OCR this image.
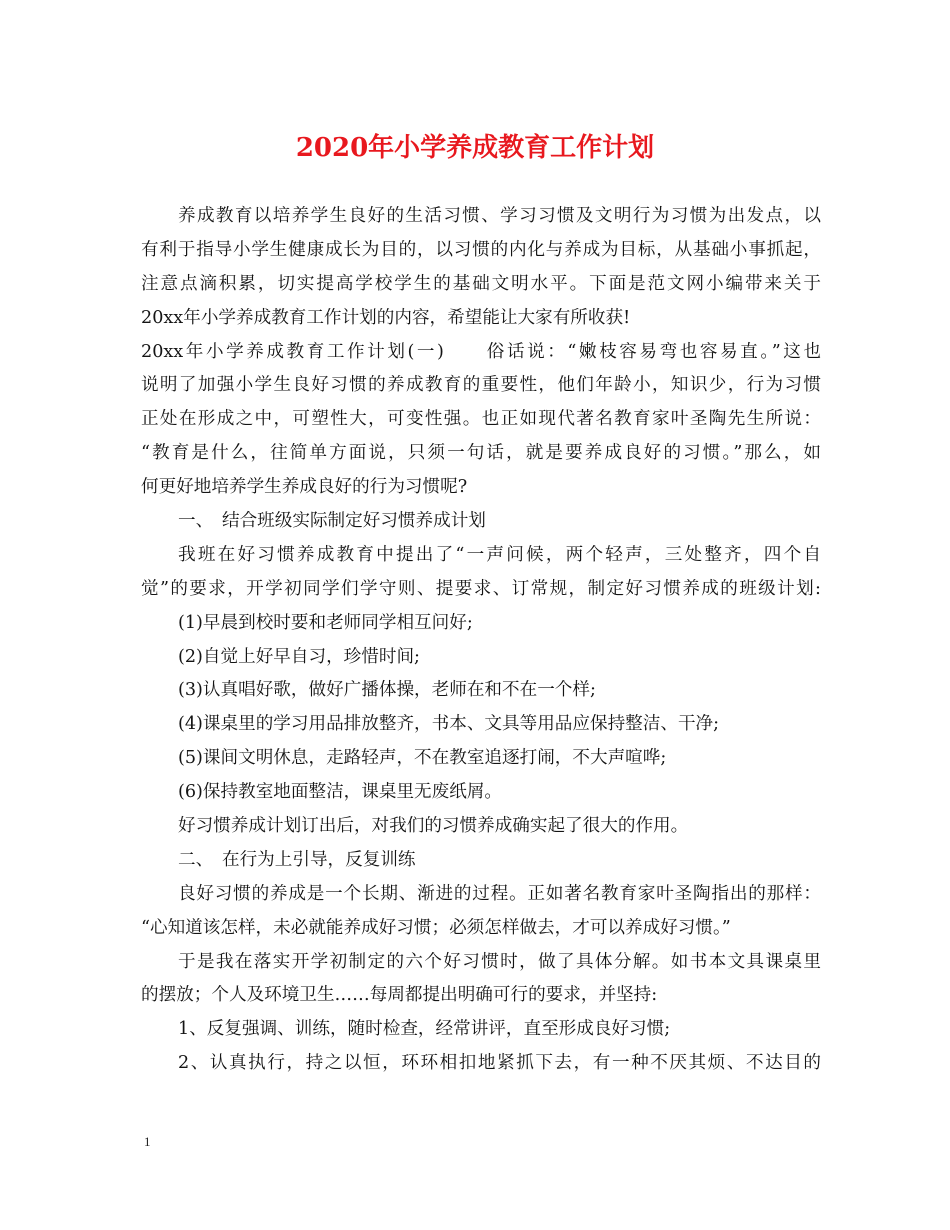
2020年小学养成教育工作计划
养成教育以培养学生良好的生活习惯、学习习惯及文明行为习惯为出发点，以
有利于指导小学生健康成长为目的，以习惯的内化与养成为目标，从基础小事抓起，
注意点滴积累，切实提高学校学生的基础文明水平。下面是范文网小编带来关于
20xx年小学养成教育工作计划的内容，希望能让大家有所收获!
20xx年小学养成教育工作计划(一)　　俗话说：“嫩枝容易弯也容易直。”这也
说明了加强小学生良好习惯的养成教育的重要性，他们年龄小，知识少，行为习惯
正处在形成之中，可塑性大，可变性强。也正如现代著名教育家叶圣陶先生所说：
“教育是什么，往简单方面说，只须一句话，就是要养成良好的习惯。”那么，如
何更好地培养学生养成良好的行为习惯呢?
一、　结合班级实际制定好习惯养成计划
我班在好习惯养成教育中提出了“一声问候，两个轻声，三处整齐，四个自
觉”的要求，开学初同学们学守则、提要求、订常规，制定好习惯养成的班级计划:
(1)早晨到校时要和老师同学相互问好;
(2)自觉上好早自习，珍惜时间;
(3)认真唱好歌，做好广播体操，老师在和不在一个样;
(4)课桌里的学习用品排放整齐，书本、文具等用品应保持整洁、干净;
(5)课间文明休息，走路轻声，不在教室追逐打闹，不大声喧哗;
(6)保持教室地面整洁，课桌里无废纸屑。
好习惯养成计划订出后，对我们的习惯养成确实起了很大的作用。
二、　在行为上引导，反复训练
良好习惯的养成是一个长期、渐进的过程。正如著名教育家叶圣陶指出的那样：
“心知道该怎样，未必就能养成好习惯；必须怎样做去，才可以养成好习惯。”
于是我在落实开学初制定的六个好习惯时，做了具体分解。如书本文具课桌里
的摆放；个人及环境卫生……每周都提出明确可行的要求，并坚持:
1、反复强调、训练，随时检查，经常讲评，直至形成良好习惯;
2、认真执行，持之以恒，环环相扣地紧抓下去，有一种不厌其烦、不达目的
1
